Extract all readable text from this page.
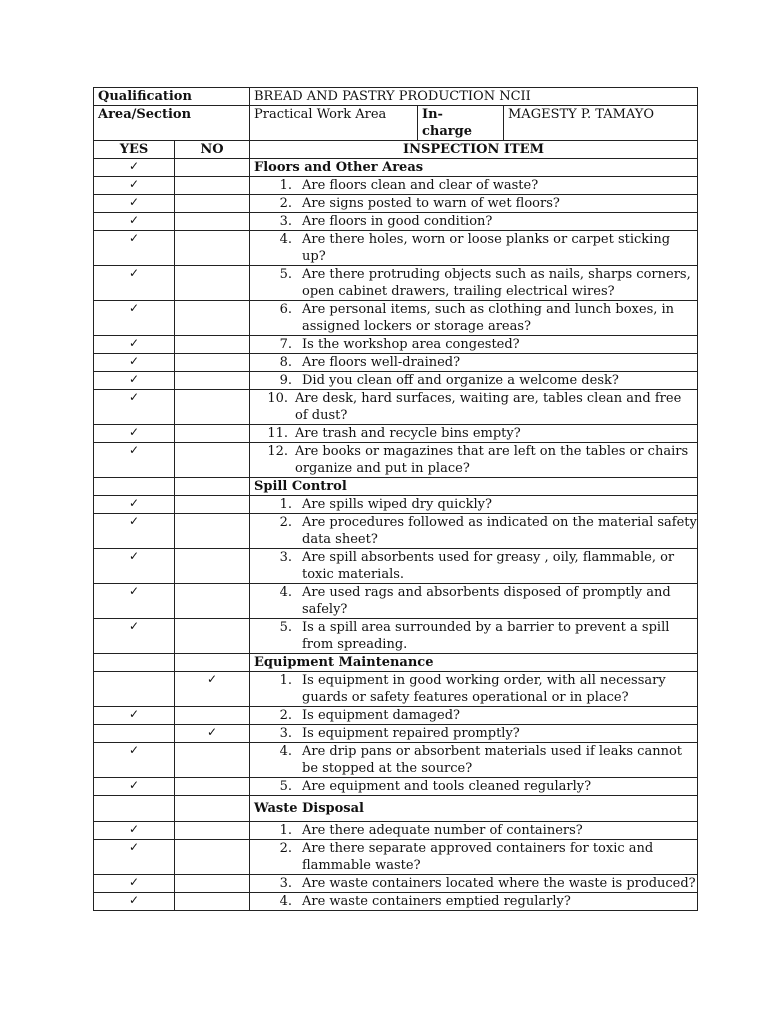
Qualification		BREAD AND PASTRY PRODUCTION NCII		
Area/Section		Practical Work Area	In-charge	MAGESTY P. TAMAYO
YES	NO	INSPECTION ITEM		
✓		Floors and Other Areas		
✓		1. Are floors clean and clear of waste?		

✓		2. Are signs posted to warn of wet floors?		

✓		3. Are floors in good condition?		

✓		4. Are there holes, worn or loose planks or carpet sticking up?		

✓		5. Are there protruding objects such as nails, sharps corners, open cabinet drawers, trailing electrical wires?		

✓		6. Are personal items, such as clothing and lunch boxes, in assigned lockers or storage areas?		

✓		7. Is the workshop area congested?		

✓		8. Are floors well-drained?		

✓		9. Did you clean off and organize a welcome desk?		

✓		10. Are desk, hard surfaces, waiting are, tables clean and free of dust?		

✓		11. Are trash and recycle bins empty?		

✓		12. Are books or magazines that are left on the tables or chairs organize and put in place?		

		Spill Control		
✓		1. Are spills wiped dry quickly?		

✓		2. Are procedures followed as indicated on the material safety data sheet?		

✓		3. Are spill absorbents used for greasy , oily, flammable, or toxic materials.		

✓		4. Are used rags and absorbents disposed of promptly and safely?		

✓		5. Is a spill area surrounded by a barrier to prevent a spill from spreading.		

		Equipment Maintenance		
	✓	1. Is equipment in good working order, with all necessary guards or safety features operational or in place?		

✓		2. Is equipment damaged?		

	✓	3. Is equipment repaired promptly?		

✓		4. Are drip pans or absorbent materials used if leaks cannot be stopped at the source?		

✓		5. Are equipment and tools cleaned regularly?		

		Waste Disposal		
✓		1. Are there adequate number of containers?		

✓		2. Are there separate approved containers for toxic and flammable waste?		

✓		3. Are waste containers located where the waste is produced?		

✓		4. Are waste containers emptied regularly?		
